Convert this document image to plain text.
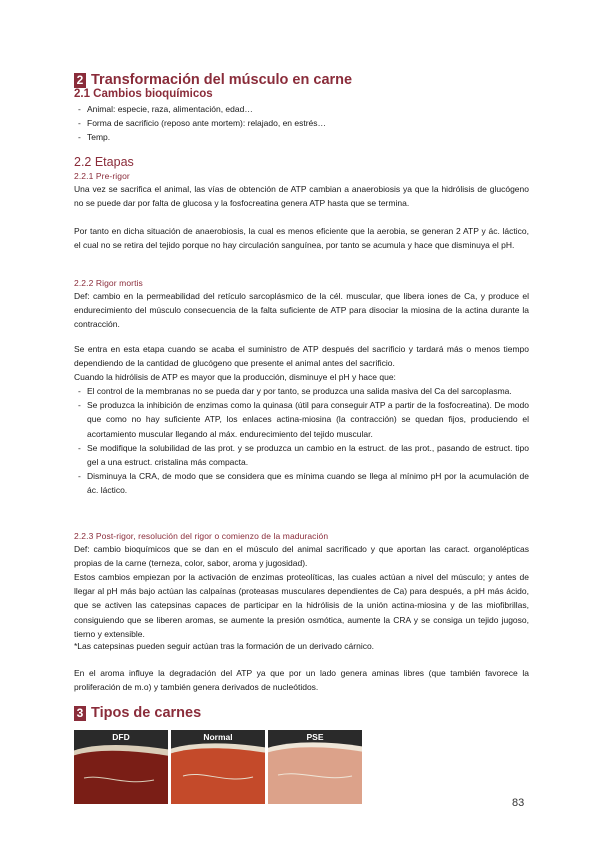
2 Transformación del músculo en carne
2.1 Cambios bioquímicos
- Animal: especie, raza, alimentación, edad…
- Forma de sacrificio (reposo ante mortem): relajado, en estrés…
- Temp.
2.2 Etapas
2.2.1 Pre-rigor

Una vez se sacrifica el animal, las vías de obtención de ATP cambian a anaerobiosis ya que la hidrólisis de glucógeno no se puede dar por falta de glucosa y la fosfocreatina genera ATP hasta que se termina.

Por tanto en dicha situación de anaerobiosis, la cual es menos eficiente que la aerobia, se generan 2 ATP y ác. láctico, el cual no se retira del tejido porque no hay circulación sanguínea, por tanto se acumula y hace que disminuya el pH.

2.2.2 Rigor mortis

Def: cambio en la permeabilidad del retículo sarcoplásmico de la cél. muscular, que libera iones de Ca, y produce el endurecimiento del músculo consecuencia de la falta suficiente de ATP para disociar la miosina de la actina durante la contracción.

Se entra en esta etapa cuando se acaba el suministro de ATP después del sacrificio y tardará más o menos tiempo dependiendo de la cantidad de glucógeno que presente el animal antes del sacrificio.

Cuando la hidrólisis de ATP es mayor que la producción, disminuye el pH y hace que:

- El control de la membranas no se pueda dar y por tanto, se produzca una salida masiva del Ca del sarcoplasma.
- Se produzca la inhibición de enzimas como la quinasa (útil para conseguir ATP a partir de la fosfocreatina). De modo que como no hay suficiente ATP, los enlaces actina-miosina (la contracción) se quedan fijos, produciendo el acortamiento muscular llegando al máx. endurecimiento del tejido muscular.
- Se modifique la solubilidad de las prot. y se produzca un cambio en la estruct. de las prot., pasando de estruct. tipo gel a una estruct. cristalina más compacta.
- Disminuya la CRA, de modo que se considera que es mínima cuando se llega al mínimo pH por la acumulación de ác. láctico.
2.2.3 Post-rigor, resolución del rigor o comienzo de la maduración

Def: cambio bioquímicos que se dan en el músculo del animal sacrificado y que aportan las caract. organolépticas propias de la carne (terneza, color, sabor, aroma y jugosidad).

Estos cambios empiezan por la activación de enzimas proteolíticas, las cuales actúan a nivel del músculo; y antes de llegar al pH más bajo actúan las calpaínas (proteasas musculares dependientes de Ca) para después, a pH más ácido, que se activen las catepsinas capaces de participar en la hidrólisis de la unión actina-miosina y de las miofibrillas, consiguiendo que se liberen aromas, se aumente la presión osmótica, aumente la CRA y se consiga un tejido jugoso, tierno y extensible.

*Las catepsinas pueden seguir actúan tras la formación de un derivado cárnico.

En el aroma influye la degradación del ATP ya que por un lado genera aminas libres (que también favorece la proliferación de m.o) y también genera derivados de nucleótidos.

3 Tipos de carnes
DFD	Normal	PSE
83
